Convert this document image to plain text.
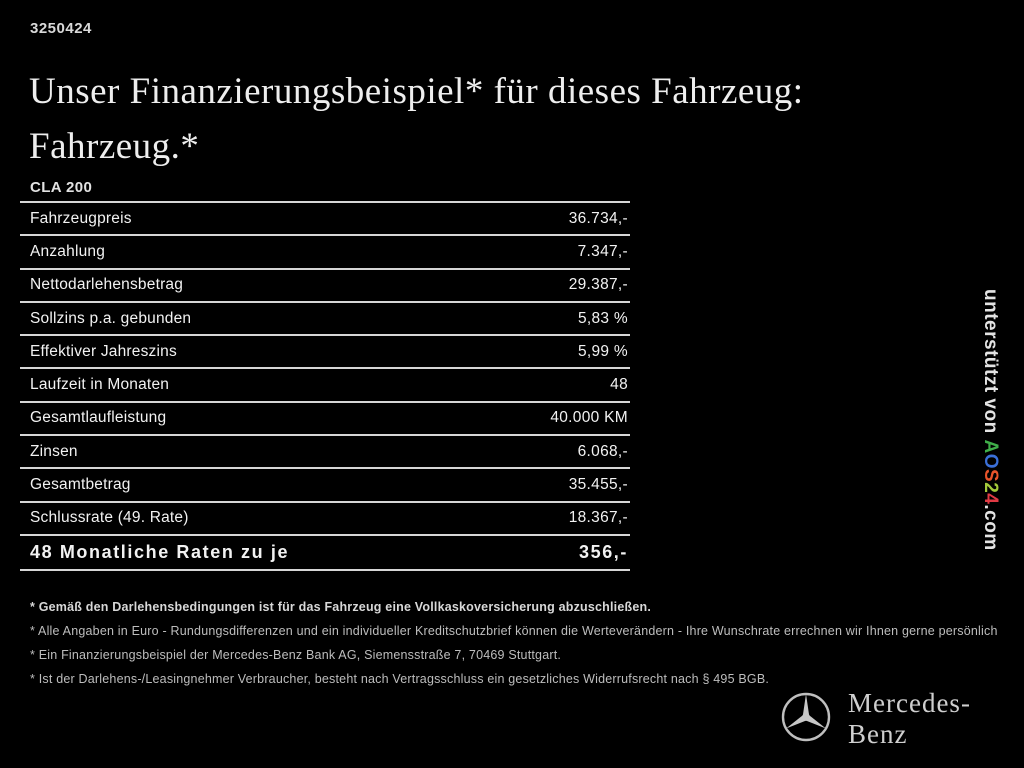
3250424
Unser Finanzierungsbeispiel* für dieses Fahrzeug:
Fahrzeug.*
CLA 200
Fahrzeugpreis	36.734,-
Anzahlung	7.347,-
Nettodarlehensbetrag	29.387,-
Sollzins p.a. gebunden	5,83 %
Effektiver Jahreszins	5,99 %
Laufzeit in Monaten	48
Gesamtlaufleistung	40.000 KM
Zinsen	6.068,-
Gesamtbetrag	35.455,-
Schlussrate (49. Rate)	18.367,-
48 Monatliche Raten zu je	356,-
* Gemäß den Darlehensbedingungen ist für das Fahrzeug eine Vollkaskoversicherung abzuschließen.
* Alle Angaben in Euro - Rundungsdifferenzen und ein individueller Kreditschutzbrief können die Werteverändern - Ihre Wunschrate errechnen wir Ihnen gerne persönlich
* Ein Finanzierungsbeispiel der Mercedes-Benz Bank AG, Siemensstraße 7, 70469 Stuttgart.
* Ist der Darlehens-/Leasingnehmer Verbraucher, besteht nach Vertragsschluss ein gesetzliches Widerrufsrecht nach § 495 BGB.
unterstützt von AOS24.com
Mercedes-Benz
